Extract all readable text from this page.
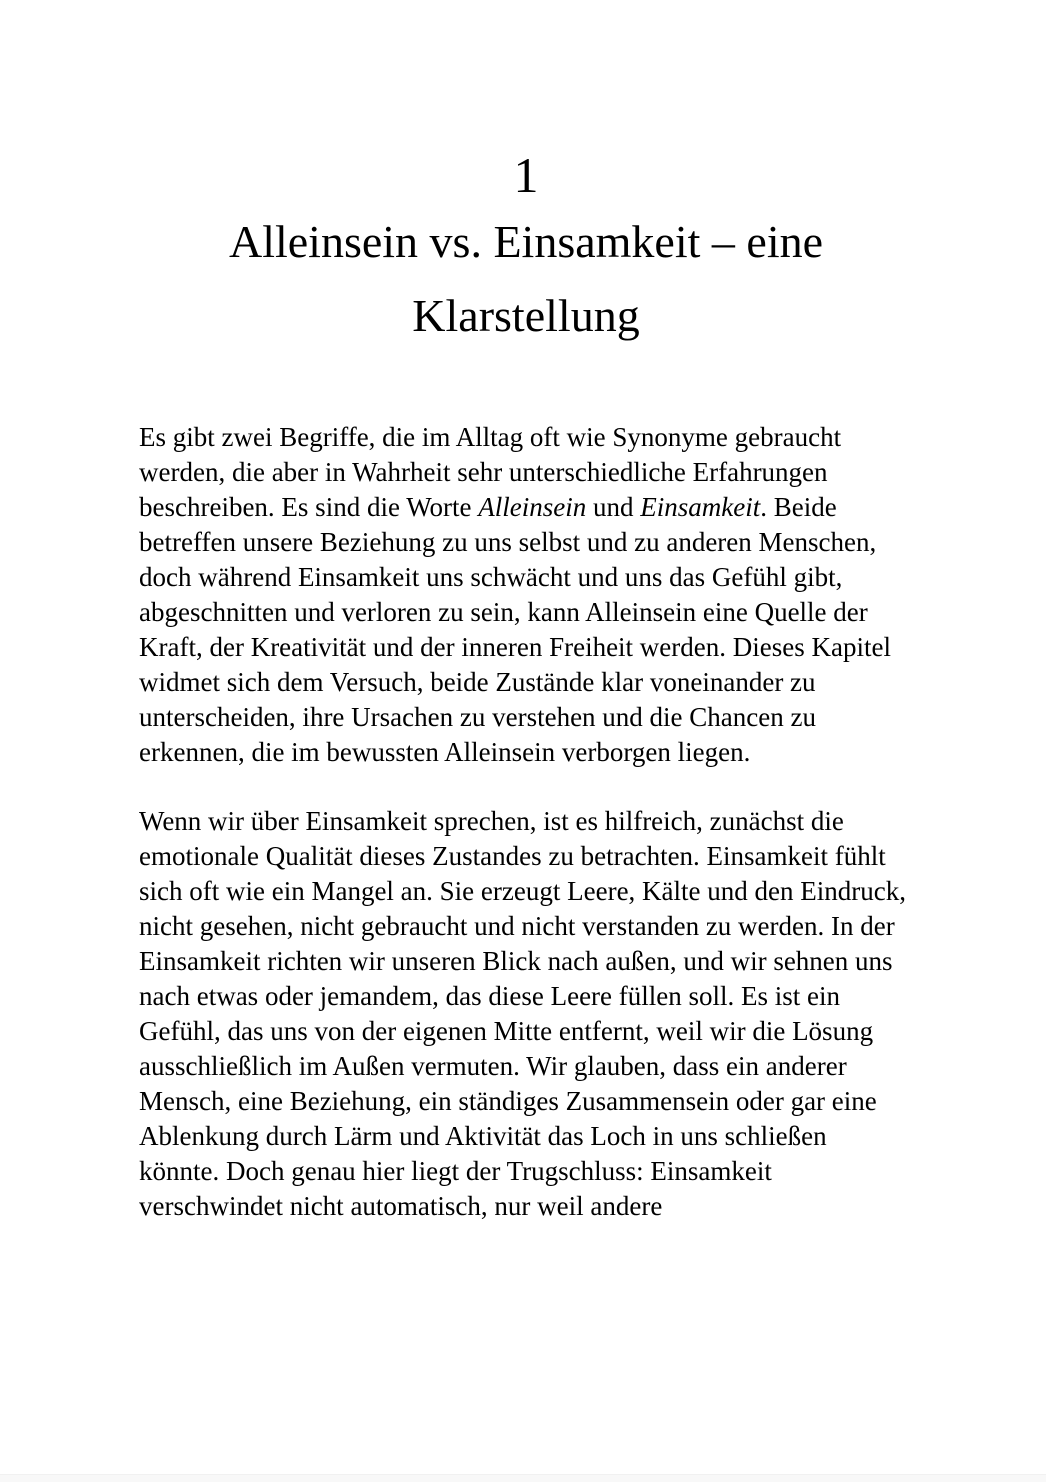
1
Alleinsein vs. Einsamkeit – eine Klarstellung

Es gibt zwei Begriffe, die im Alltag oft wie Synonyme gebraucht werden, die aber in Wahrheit sehr unterschiedliche Erfahrungen beschreiben. Es sind die Worte Alleinsein und Einsamkeit. Beide betreffen unsere Beziehung zu uns selbst und zu anderen Menschen, doch während Einsamkeit uns schwächt und uns das Gefühl gibt, abgeschnitten und verloren zu sein, kann Alleinsein eine Quelle der Kraft, der Kreativität und der inneren Freiheit werden. Dieses Kapitel widmet sich dem Versuch, beide Zustände klar voneinander zu unterscheiden, ihre Ursachen zu verstehen und die Chancen zu erkennen, die im bewussten Alleinsein verborgen liegen.

Wenn wir über Einsamkeit sprechen, ist es hilfreich, zunächst die emotionale Qualität dieses Zustandes zu betrachten. Einsamkeit fühlt sich oft wie ein Mangel an. Sie erzeugt Leere, Kälte und den Eindruck, nicht gesehen, nicht gebraucht und nicht verstanden zu werden. In der Einsamkeit richten wir unseren Blick nach außen, und wir sehnen uns nach etwas oder jemandem, das diese Leere füllen soll. Es ist ein Gefühl, das uns von der eigenen Mitte entfernt, weil wir die Lösung ausschließlich im Außen vermuten. Wir glauben, dass ein anderer Mensch, eine Beziehung, ein ständiges Zusammensein oder gar eine Ablenkung durch Lärm und Aktivität das Loch in uns schließen könnte. Doch genau hier liegt der Trugschluss: Einsamkeit verschwindet nicht automatisch, nur weil andere
